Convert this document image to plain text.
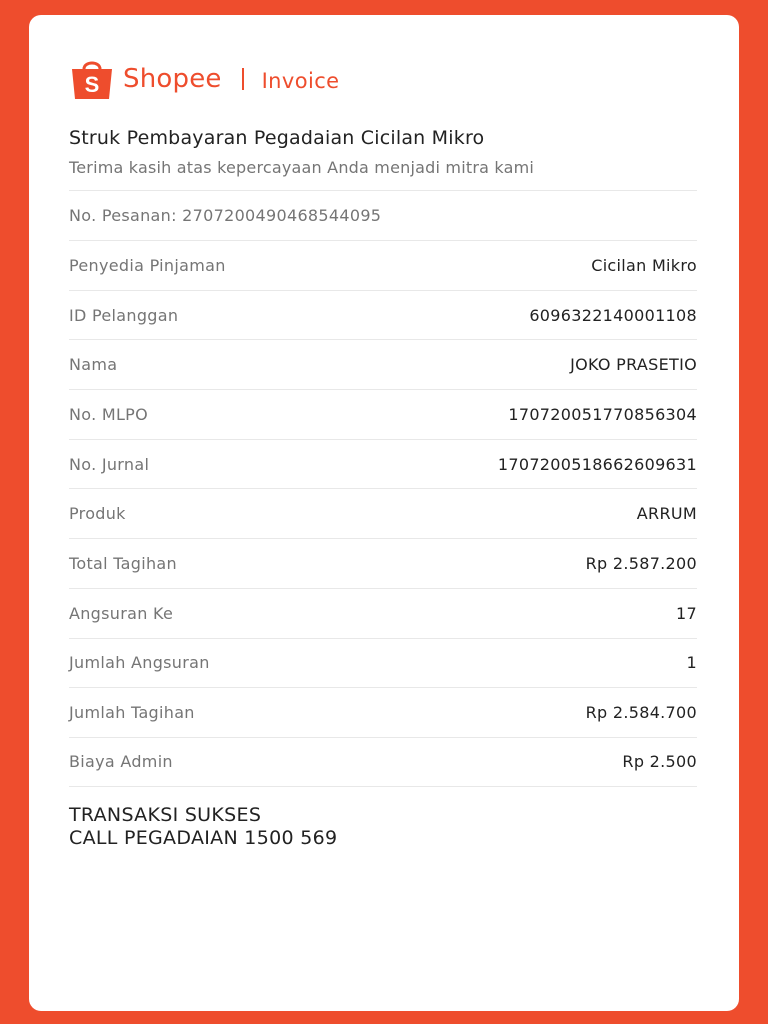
S Shopee Invoice
Struk Pembayaran Pegadaian Cicilan Mikro
Terima kasih atas kepercayaan Anda menjadi mitra kami
No. Pesanan: 2707200490468544095
Penyedia Pinjaman	Cicilan Mikro
ID Pelanggan	6096322140001108
Nama	JOKO PRASETIO
No. MLPO	170720051770856304
No. Jurnal	1707200518662609631
Produk	ARRUM
Total Tagihan	Rp 2.587.200
Angsuran Ke	17
Jumlah Angsuran	1
Jumlah Tagihan	Rp 2.584.700
Biaya Admin	Rp 2.500
TRANSAKSI SUKSES
CALL PEGADAIAN 1500 569
